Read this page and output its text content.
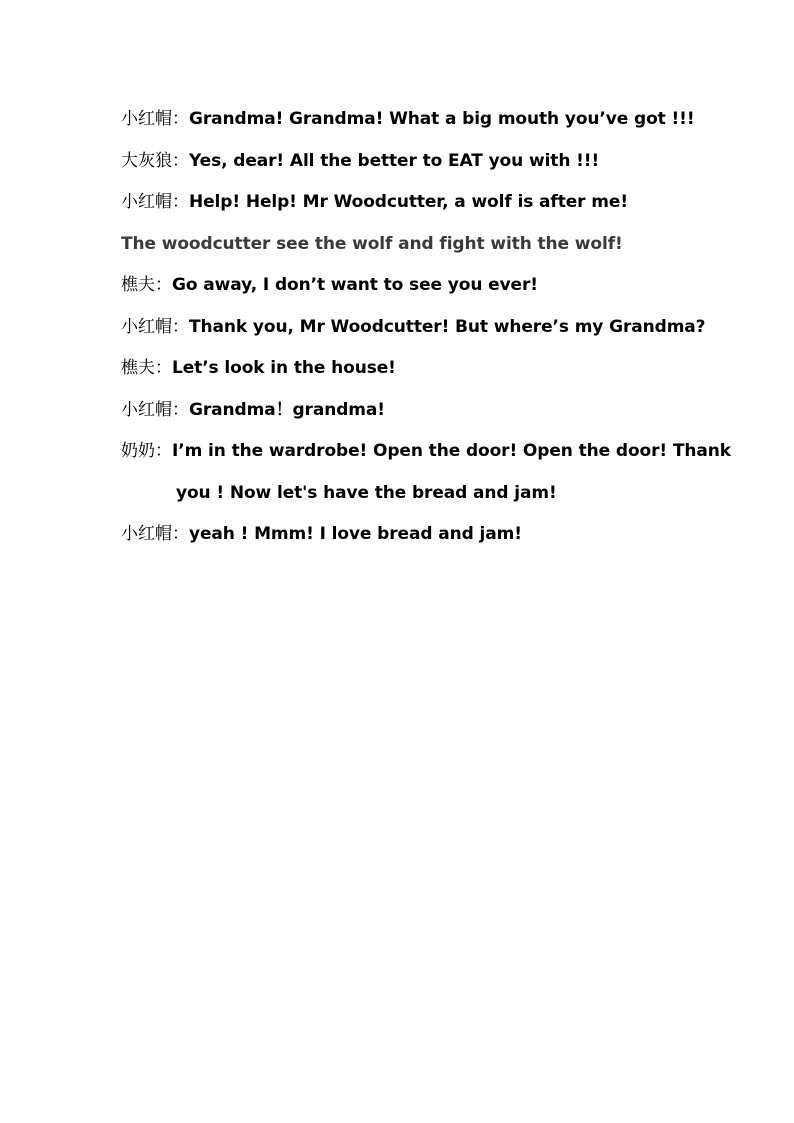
小红帽：Grandma! Grandma! What a big mouth you’ve got !!!
大灰狼：Yes, dear! All the better to EAT you with !!!
小红帽：Help! Help! Mr Woodcutter, a wolf is after me!
The woodcutter see the wolf and fight with the wolf!
樵夫：Go away, I don’t want to see you ever!
小红帽：Thank you, Mr Woodcutter! But where’s my Grandma?
樵夫：Let’s look in the house!
小红帽：Grandma！grandma!
奶奶：I’m in the wardrobe! Open the door! Open the door! Thank
you ! Now let's have the bread and jam!
小红帽：yeah ! Mmm! I love bread and jam!
